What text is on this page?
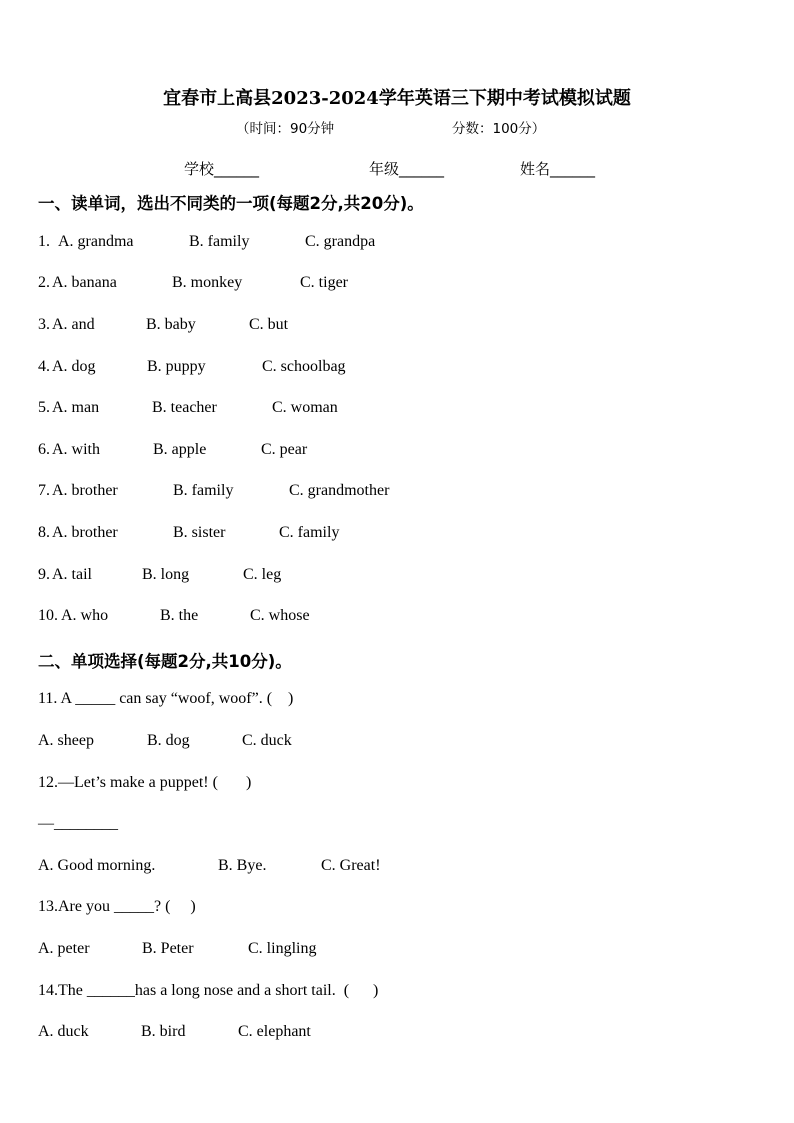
宜春市上高县2023-2024学年英语三下期中考试模拟试题
（时间：90分钟	分数：100分）
学校______	年级______	姓名______
一、读单词，选出不同类的一项(每题2分,共20分)。
1. A. grandma	B. family	C. grandpa
2. A. banana	B. monkey	C. tiger
3. A. and	B. baby	C. but
4. A. dog	B. puppy	C. schoolbag
5. A. man	B. teacher	C. woman
6. A. with	B. apple	C. pear
7. A. brother	B. family	C. grandmother
8. A. brother	B. sister	C. family
9. A. tail	B. long	C. leg
10. A. who	B. the	C. whose
二、单项选择(每题2分,共10分)。
11. A _____ can say “woof, woof”. (    )
A. sheep	B. dog	C. duck
12.—Let’s make a puppet! (       )
—________
A. Good morning.	B. Bye.	C. Great!
13.Are you _____? (     )
A. peter	B. Peter	C. lingling
14.The ______has a long nose and a short tail.  (      )
A. duck	B. bird	C. elephant
